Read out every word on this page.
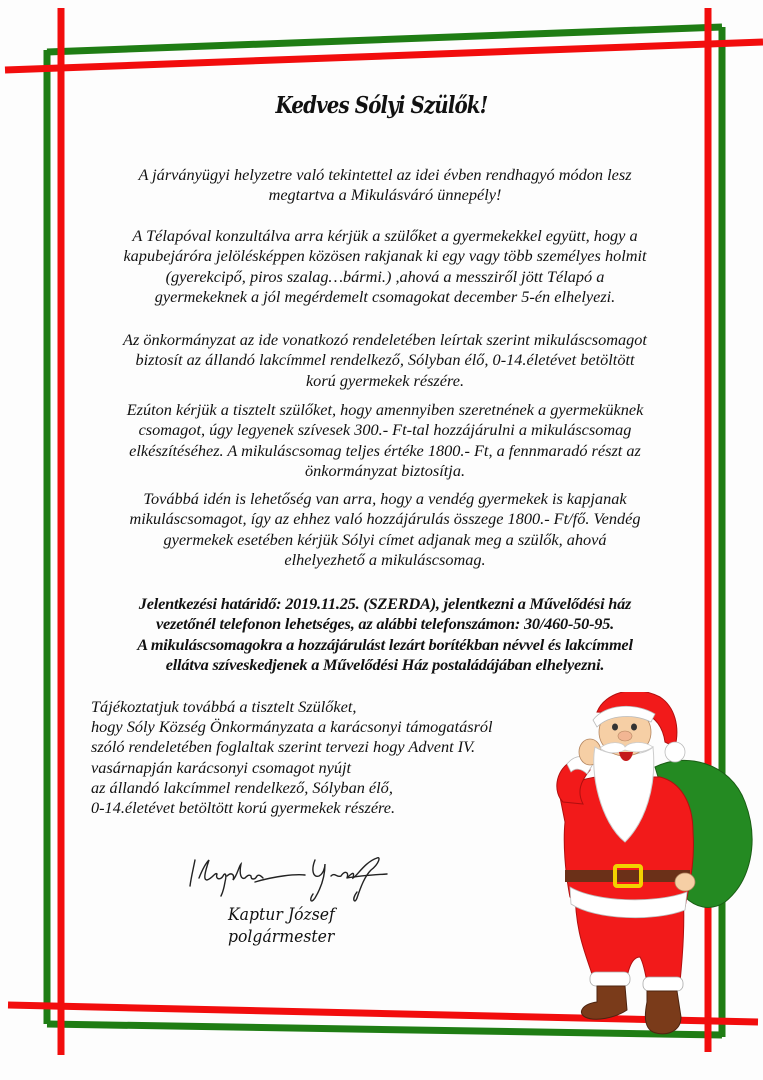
Kedves Sólyi Szülők!
A járványügyi helyzetre való tekintettel az idei évben rendhagyó módon lesz
megtartva a Mikulásváró ünnepély!
A Télapóval konzultálva arra kérjük a szülőket a gyermekekkel együtt, hogy a
kapubejáróra jelölésképpen közösen rakjanak ki egy vagy több személyes holmit
(gyerekcipő, piros szalag…bármi.) ,ahová a messziről jött Télapó a
gyermekeknek a jól megérdemelt csomagokat december 5-én elhelyezi.
Az önkormányzat az ide vonatkozó rendeletében leírtak szerint mikuláscsomagot
biztosít az állandó lakcímmel rendelkező, Sólyban élő, 0-14.életévet betöltött
korú gyermekek részére.
Ezúton kérjük a tisztelt szülőket, hogy amennyiben szeretnének a gyermeküknek
csomagot, úgy legyenek szívesek 300.- Ft-tal hozzájárulni a mikuláscsomag
elkészítéséhez. A mikuláscsomag teljes értéke 1800.- Ft, a fennmaradó részt az
önkormányzat biztosítja.
Továbbá idén is lehetőség van arra, hogy a vendég gyermekek is kapjanak
mikuláscsomagot, így az ehhez való hozzájárulás összege 1800.- Ft/fő. Vendég
gyermekek esetében kérjük Sólyi címet adjanak meg a szülők, ahová
elhelyezhető a mikuláscsomag.
Jelentkezési határidő: 2019.11.25. (SZERDA), jelentkezni a Művelődési ház
vezetőnél telefonon lehetséges, az alábbi telefonszámon: 30/460-50-95.
A mikuláscsomagokra a hozzájárulást lezárt borítékban névvel és lakcímmel
ellátva szíveskedjenek a Művelődési Ház postaládájában elhelyezni.
Tájékoztatjuk továbbá a tisztelt Szülőket,
hogy Sóly Község Önkormányzata a karácsonyi támogatásról
szóló rendeletében foglaltak szerint tervezi hogy Advent IV.
vasárnapján karácsonyi csomagot nyújt
az állandó lakcímmel rendelkező, Sólyban élő,
0-14.életévet betöltött korú gyermekek részére.
Kaptur József
polgármester
